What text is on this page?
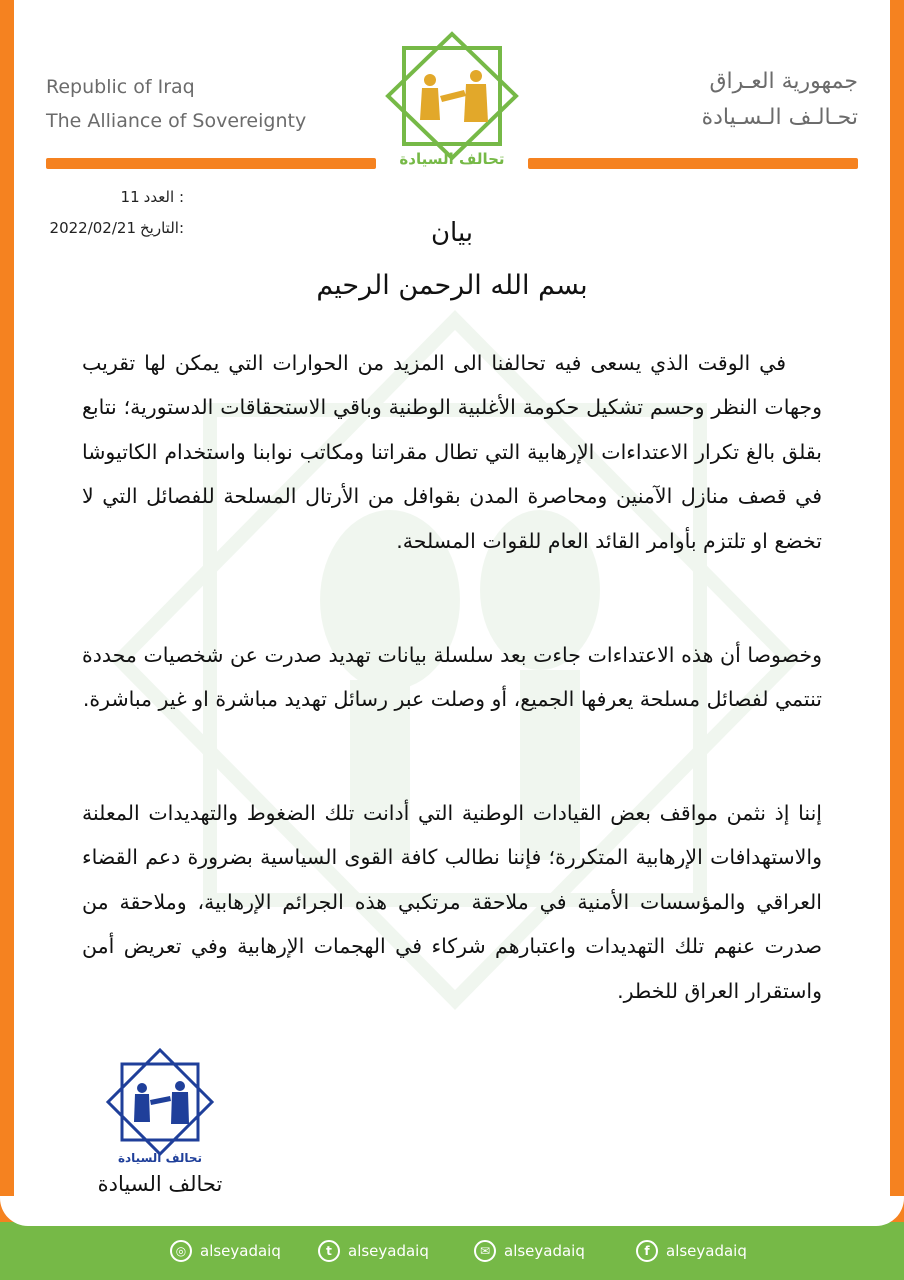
Republic of Iraq
The Alliance of Sovereignty
جمهورية العـراق
تحـالـف الـسـيادة
تحالف السيادة
11 العدد :
2022/02/21 التاريخ:	بيان
بسم الله الرحمن الرحيم

في الوقت الذي يسعى فيه تحالفنا الى المزيد من الحوارات التي يمكن لها تقريب وجهات النظر وحسم تشكيل حكومة الأغلبية الوطنية وباقي الاستحقاقات الدستورية؛ نتابع بقلق بالغ تكرار الاعتداءات الإرهابية التي تطال مقراتنا ومكاتب نوابنا واستخدام الكاتيوشا في قصف منازل الآمنين ومحاصرة المدن بقوافل من الأرتال المسلحة للفصائل التي لا تخضع او تلتزم بأوامر القائد العام للقوات المسلحة.

وخصوصا أن هذه الاعتداءات جاءت بعد سلسلة بيانات تهديد صدرت عن شخصيات محددة تنتمي لفصائل مسلحة يعرفها الجميع، أو وصلت عبر رسائل تهديد مباشرة او غير مباشرة.

إننا إذ نثمن مواقف بعض القيادات الوطنية التي أدانت تلك الضغوط والتهديدات المعلنة والاستهدافات الإرهابية المتكررة؛ فإننا نطالب كافة القوى السياسية بضرورة دعم القضاء العراقي والمؤسسات الأمنية في ملاحقة مرتكبي هذه الجرائم الإرهابية، وملاحقة من صدرت عنهم تلك التهديدات واعتبارهم شركاء في الهجمات الإرهابية وفي تعريض أمن واستقرار العراق للخطر.

تحالف السيادة
تحالف السيادة
◎ alseyadaiq	t	alseyadaiq	✉ alseyadaiq	f	alseyadaiq
IQ NEWS
